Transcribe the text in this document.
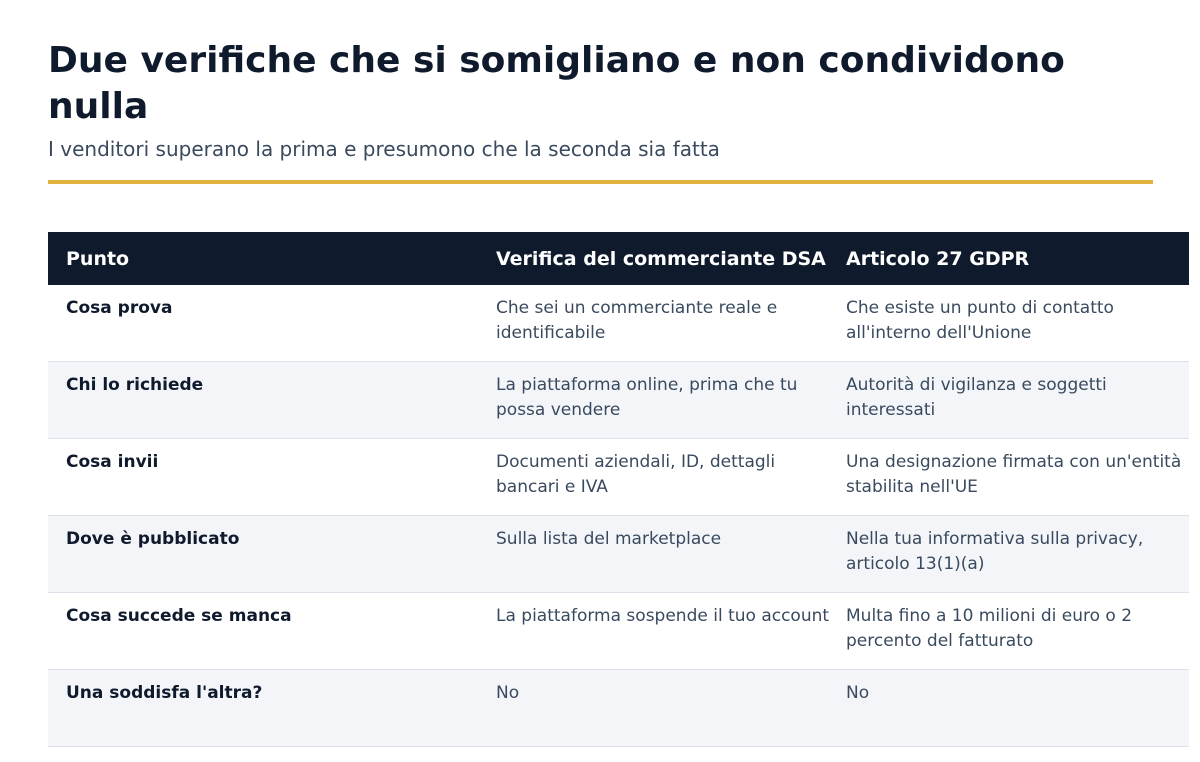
Due verifiche che si somigliano e non condividono nulla

I venditori superano la prima e presumono che la seconda sia fatta

Punto	Verifica del commerciante DSA	Articolo 27 GDPR
Cosa prova	Che sei un commerciante reale e identificabile	Che esiste un punto di contatto all'interno dell'Unione
Chi lo richiede	La piattaforma online, prima che tu possa vendere	Autorità di vigilanza e soggetti interessati
Cosa invii	Documenti aziendali, ID, dettagli bancari e IVA	Una designazione firmata con un'entità stabilita nell'UE
Dove è pubblicato	Sulla lista del marketplace	Nella tua informativa sulla privacy, articolo 13(1)(a)
Cosa succede se manca	La piattaforma sospende il tuo account	Multa fino a 10 milioni di euro o 2 percento del fatturato
Una soddisfa l'altra?	No	No
